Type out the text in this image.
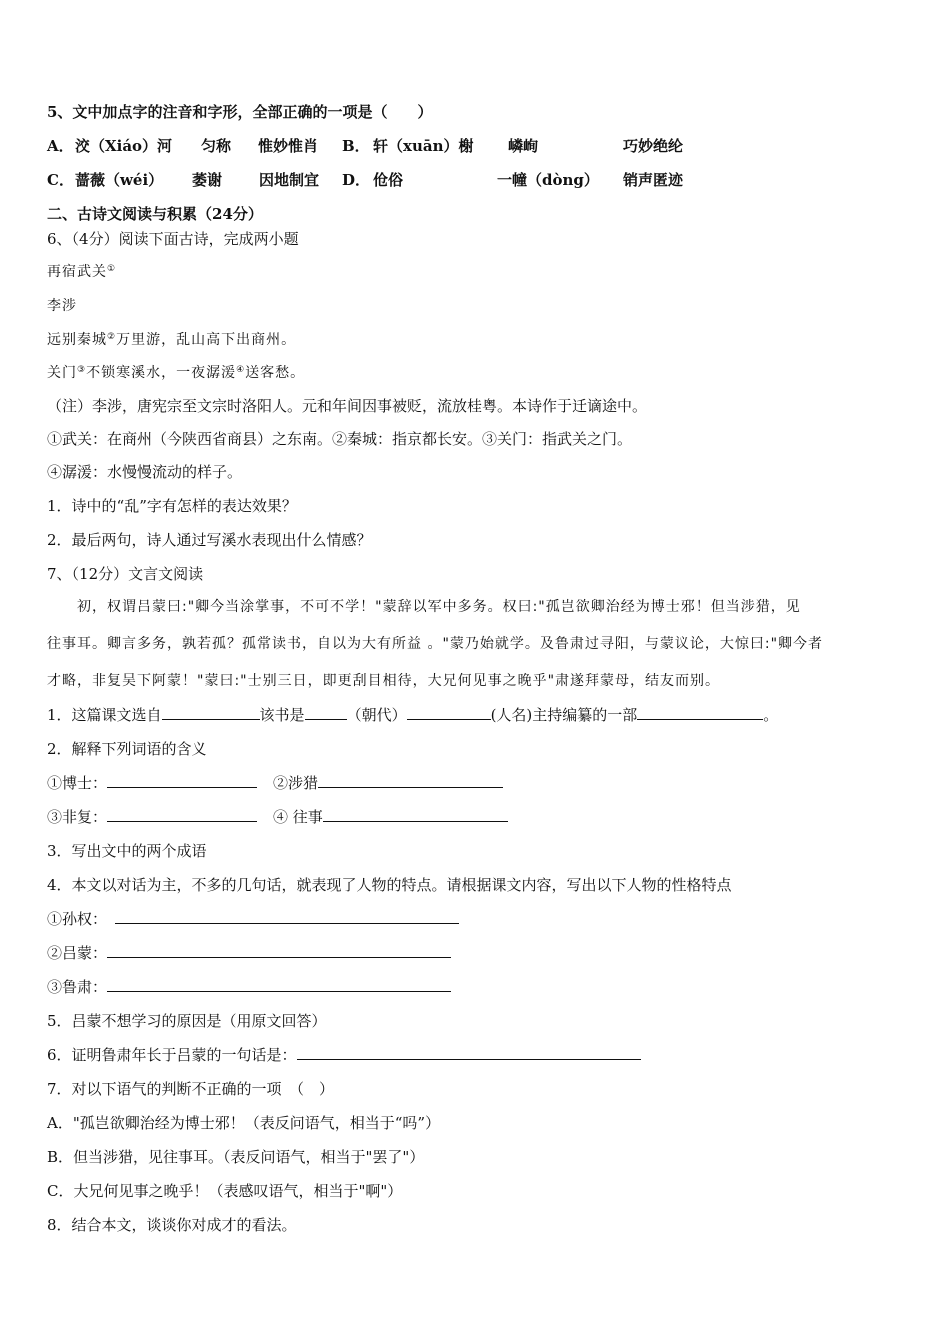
5、文中加点字的注音和字形，全部正确的一项是（　　）
A． 洨（Xiáo）河	匀称	惟妙惟肖	B． 轩（xuān）榭	嶙峋	巧妙绝纶
C． 蔷薇（wéi）	萎谢	因地制宜	D． 伧俗	一幢（dòng）	销声匿迹
二、古诗文阅读与积累（24分）
6、（4分）阅读下面古诗，完成两小题
再宿武关①
李涉
远别秦城②万里游，乱山高下出商州。
关门③不锁寒溪水，一夜潺湲④送客愁。
（注）李涉，唐宪宗至文宗时洛阳人。元和年间因事被贬，流放桂粤。本诗作于迁谪途中。
①武关：在商州（今陕西省商县）之东南。②秦城：指京都长安。③关门：指武关之门。
④潺湲：水慢慢流动的样子。
1．诗中的“乱”字有怎样的表达效果？
2．最后两句，诗人通过写溪水表现出什么情感？
7、（12分）文言文阅读
初，权谓吕蒙曰:"卿今当涂掌事，不可不学！"蒙辞以军中多务。权曰:"孤岂欲卿治经为博士邪！但当涉猎，见
往事耳。卿言多务，孰若孤？孤常读书，自以为大有所益 。"蒙乃始就学。及鲁肃过寻阳，与蒙议论，大惊曰:"卿今者
才略，非复吴下阿蒙！"蒙曰:"士别三日，即更刮目相待，大兄何见事之晚乎"肃遂拜蒙母，结友而别。
1．这篇课文选自	该书是	（朝代）	(人名)主持编纂的一部	。
2．解释下列词语的含义
①博士：	②涉猎
③非复：	④ 往事
3．写出文中的两个成语
4．本文以对话为主，不多的几句话，就表现了人物的特点。请根据课文内容，写出以下人物的性格特点
①孙权：
②吕蒙：
③鲁肃：
5．吕蒙不想学习的原因是（用原文回答）
6．证明鲁肃年长于吕蒙的一句话是：
7．对以下语气的判断不正确的一项　（　）
A．"孤岂欲卿治经为博士邪！（表反问语气，相当于“吗”）
B．但当涉猎，见往事耳。（表反问语气，相当于"罢了"）
C．大兄何见事之晚乎！（表感叹语气，相当于"啊"）
8．结合本文，谈谈你对成才的看法。
